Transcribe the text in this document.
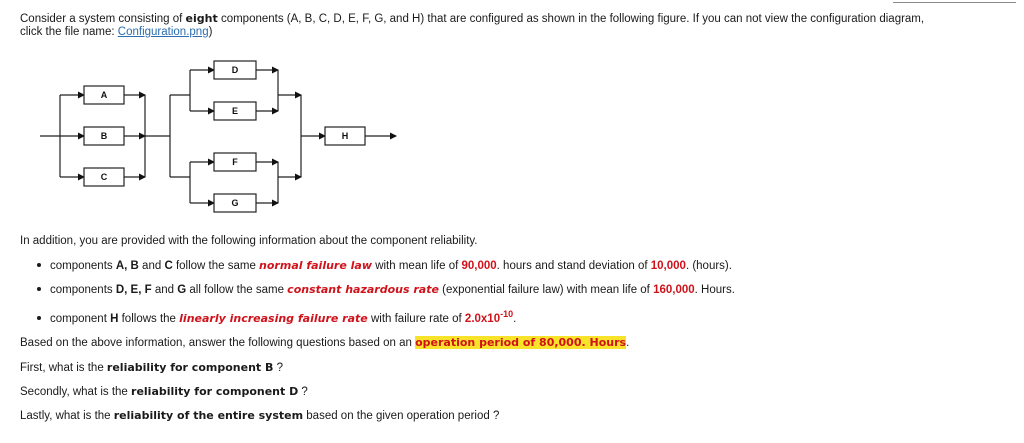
Consider a system consisting of eight components (A, B, C, D, E, F, G, and H) that are configured as shown in the following figure. If you can not view the configuration diagram,
click the file name: Configuration.png)

A
B
C
D
E
F
G
H

In addition, you are provided with the following information about the component reliability.

components A, B and C follow the same normal failure law with mean life of 90,000. hours and stand deviation of 10,000. (hours).
components D, E, F and G all follow the same constant hazardous rate (exponential failure law) with mean life of 160,000. Hours.
component H follows the linearly increasing failure rate with failure rate of $2.0x10^{-10}$.

Based on the above information, answer the following questions based on an operation period of 80,000. Hours.

First, what is the reliability for component B ?

Secondly, what is the reliability for component D ?

Lastly, what is the reliability of the entire system based on the given operation period ?
